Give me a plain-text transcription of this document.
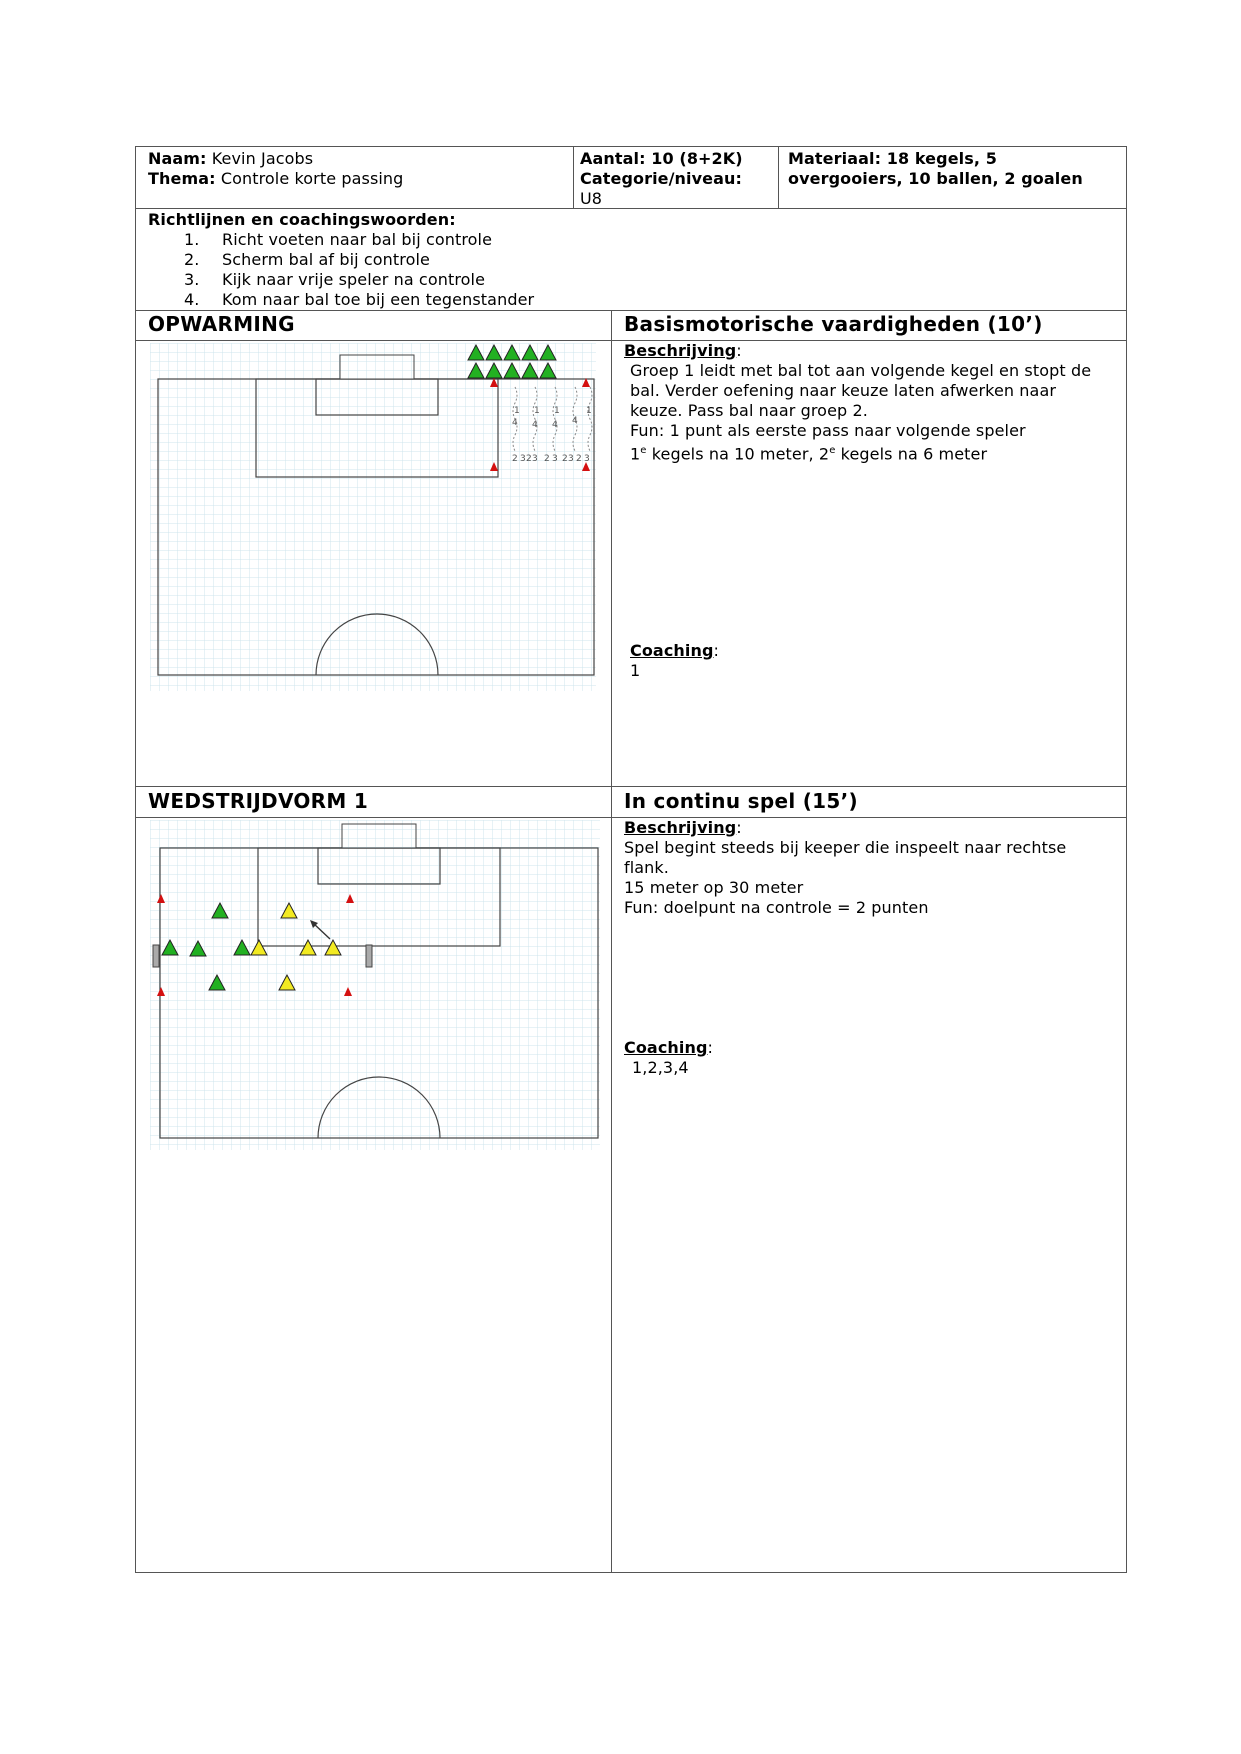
Naam: Kevin Jacobs
Thema: Controle korte passing
Aantal: 10 (8+2K)
Categorie/niveau:
U8
Materiaal: 18 kegels, 5
overgooiers, 10 ballen, 2 goalen
Richtlijnen en coachingswoorden:
1. Richt voeten naar bal bij controle
2. Scherm bal af bij controle
3. Kijk naar vrije speler na controle
4. Kom naar bal toe bij een tegenstander
OPWARMING	Basismotorische vaardigheden (10’)
1 1 1	1
4 4 4 4
2 3 2 3 2 3 2 3 2 3
Beschrijving:
Groep 1 leidt met bal tot aan volgende kegel en stopt de
bal. Verder oefening naar keuze laten afwerken naar
keuze. Pass bal naar groep 2.
Fun: 1 punt als eerste pass naar volgende speler
1e kegels na 10 meter, 2e kegels na 6 meter
Coaching:
1
WEDSTRIJDVORM 1	In continu spel (15’)
Beschrijving:
Spel begint steeds bij keeper die inspeelt naar rechtse
flank.
15 meter op 30 meter
Fun: doelpunt na controle = 2 punten
Coaching:
1,2,3,4
